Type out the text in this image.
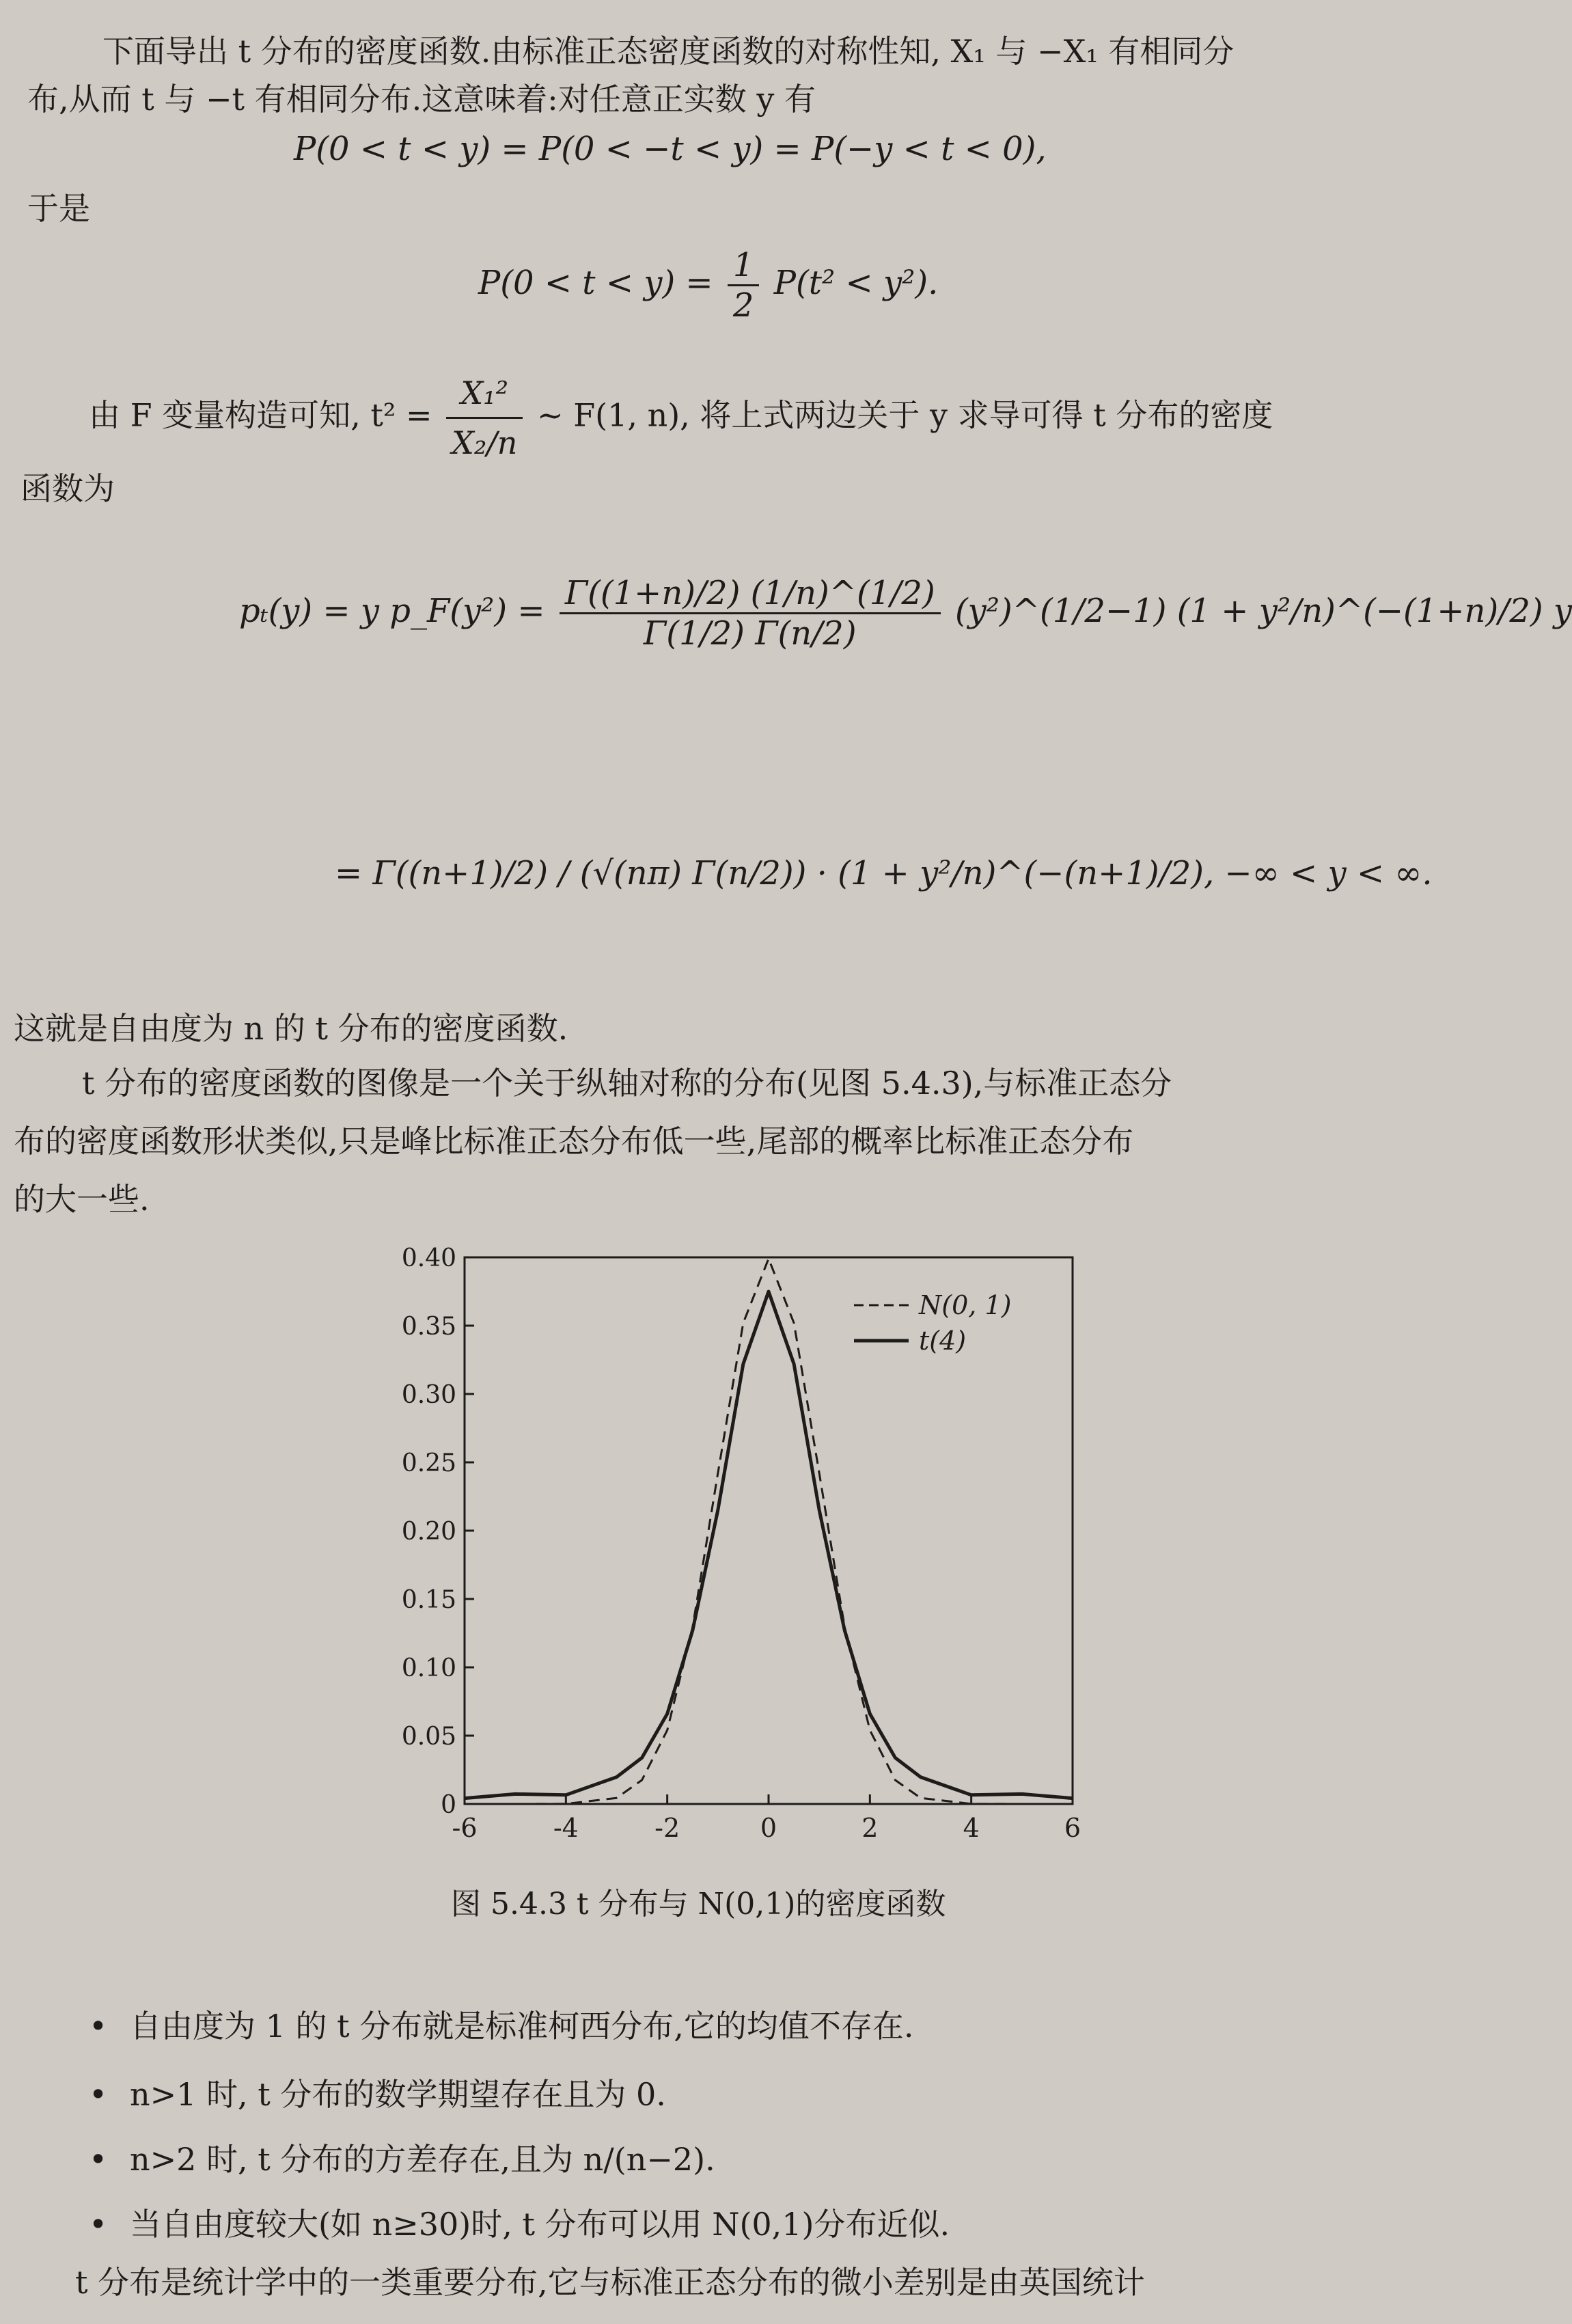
下面导出 t 分布的密度函数.由标准正态密度函数的对称性知, X₁ 与 −X₁ 有相同分
布,从而 t 与 −t 有相同分布.这意味着:对任意正实数 y 有
P(0 < t < y) = P(0 < −t < y) = P(−y < t < 0),
于是
$P(0 < t < y) = \frac{1}{2} P(t^2 < y^2)$.
由 F 变量构造可知, $t^2 = \frac{\text{X₁²}}{\text{X₂/n}}$ ~ F(1, n), 将上式两边关于 y 求导可得 t 分布的密度
函数为
pₜ(y) = y p_F(y²) = $\frac{\Gamma((1+n)/2) (1/n)\^{}(1/2)}{\Gamma(1/2) \Gamma(n/2)}$ (y²)^(1/2−1) (1 + y²/n)^(−(1+n)/2) y
= Γ((n+1)/2) / (√(nπ) Γ(n/2)) · (1 + y²/n)^(−(n+1)/2), −∞ < y < ∞.
这就是自由度为 n 的 t 分布的密度函数.
t 分布的密度函数的图像是一个关于纵轴对称的分布(见图 5.4.3),与标准正态分
布的密度函数形状类似,只是峰比标准正态分布低一些,尾部的概率比标准正态分布
的大一些.
-6	-4	-2	0	2	4	6
0
0.05
0.10
0.15
0.20
0.25
0.30
0.35
0.40
N(0, 1)
t(4)
图 5.4.3 t 分布与 N(0,1)的密度函数
• 自由度为 1 的 t 分布就是标准柯西分布,它的均值不存在.
• n>1 时, t 分布的数学期望存在且为 0.
• n>2 时, t 分布的方差存在,且为 n/(n−2).
• 当自由度较大(如 n≥30)时, t 分布可以用 N(0,1)分布近似.
t 分布是统计学中的一类重要分布,它与标准正态分布的微小差别是由英国统计
